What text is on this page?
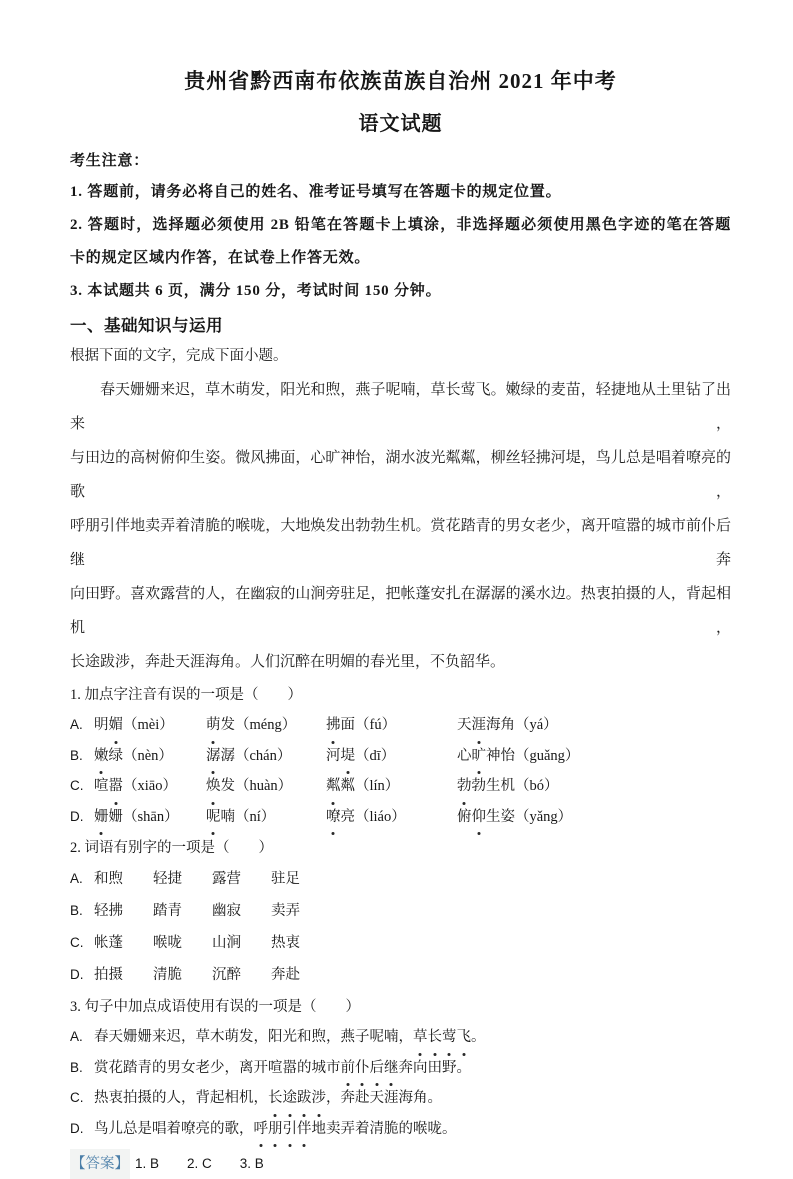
贵州省黔西南布依族苗族自治州 2021 年中考
语文试题
考生注意：
1. 答题前，请务必将自己的姓名、准考证号填写在答题卡的规定位置。
2. 答题时，选择题必须使用 2B 铅笔在答题卡上填涂，非选择题必须使用黑色字迹的笔在答题
卡的规定区域内作答，在试卷上作答无效。
3. 本试题共 6 页，满分 150 分，考试时间 150 分钟。
一、基础知识与运用
根据下面的文字，完成下面小题。
春天姗姗来迟，草木萌发，阳光和煦，燕子呢喃，草长莺飞。嫩绿的麦苗，轻捷地从土里钻了出来，
与田边的高树俯仰生姿。微风拂面，心旷神怡，湖水波光粼粼，柳丝轻拂河堤，鸟儿总是唱着嘹亮的歌，
呼朋引伴地卖弄着清脆的喉咙，大地焕发出勃勃生机。赏花踏青的男女老少，离开喧嚣的城市前仆后继奔
向田野。喜欢露营的人，在幽寂的山涧旁驻足，把帐蓬安扎在潺潺的溪水边。热衷拍摄的人，背起相机，
长途跋涉，奔赴天涯海角。人们沉醉在明媚的春光里，不负韶华。
1. 加点字注音有误的一项是（　　）
A. 明媚（mèi）	萌发（méng）	拂面（fú）	天涯海角（yá）
B. 嫩绿（nèn）	潺潺（chán）	河堤（dī）	心旷神怡（guǎng）
C. 喧嚣（xiāo）	焕发（huàn）	粼粼（lín）	勃勃生机（bó）
D. 姗姗（shān）	呢喃（ní）	嘹亮（liáo）	俯仰生姿（yǎng）
2. 词语有别字的一项是（　　）
A. 和煦	轻捷	露营	驻足
B. 轻拂	踏青	幽寂	卖弄
C. 帐蓬	喉咙	山涧	热衷
D. 拍摄	清脆	沉醉	奔赴
3. 句子中加点成语使用有误的一项是（　　）
A. 春天姗姗来迟，草木萌发，阳光和煦，燕子呢喃，草长莺飞。
B. 赏花踏青的男女老少，离开喧嚣的城市前仆后继奔向田野。
C. 热衷拍摄的人，背起相机，长途跋涉，奔赴天涯海角。
D. 鸟儿总是唱着嘹亮的歌，呼朋引伴地卖弄着清脆的喉咙。
【答案】 1. B 2. C 3. B
